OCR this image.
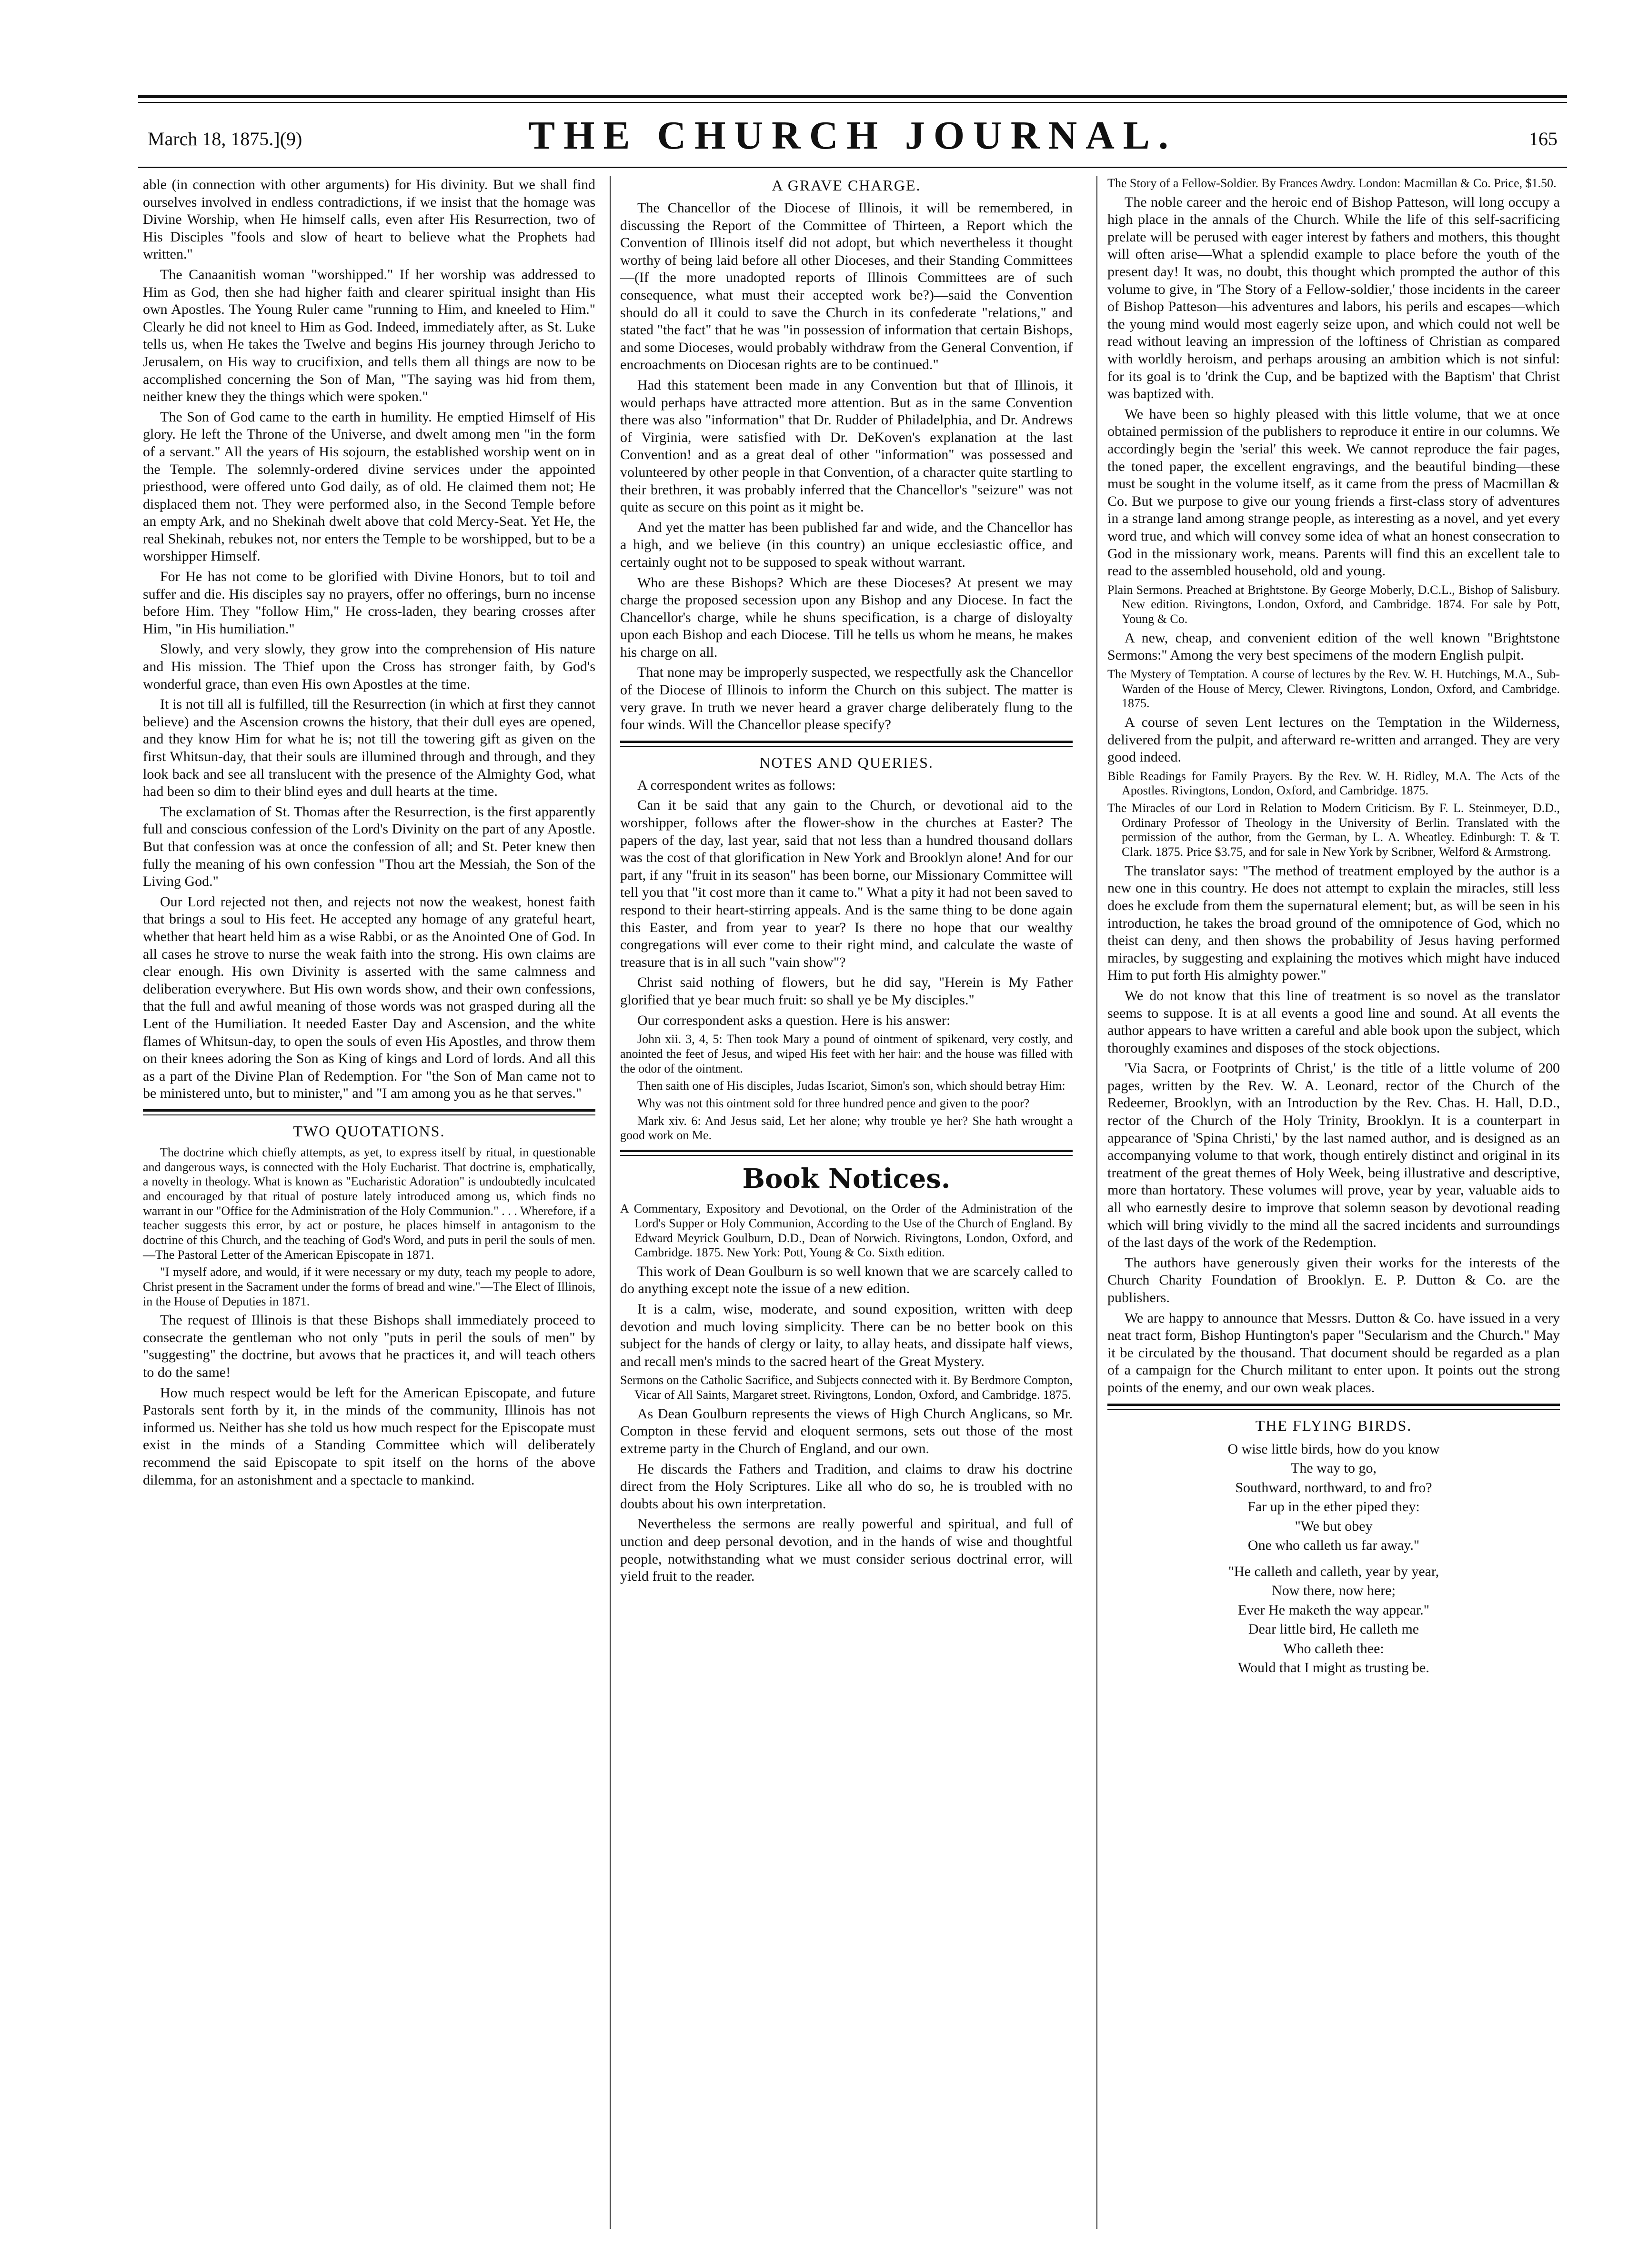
March 18, 1875.](9)	THE CHURCH JOURNAL.	165

able (in connection with other arguments) for His divinity. But we shall find ourselves involved in endless contradictions, if we insist that the homage was Divine Worship, when He himself calls, even after His Resurrection, two of His Disciples "fools and slow of heart to believe what the Prophets had written."

The Canaanitish woman "worshipped." If her worship was addressed to Him as God, then she had higher faith and clearer spiritual insight than His own Apostles. The Young Ruler came "running to Him, and kneeled to Him." Clearly he did not kneel to Him as God. Indeed, immediately after, as St. Luke tells us, when He takes the Twelve and begins His journey through Jericho to Jerusalem, on His way to crucifixion, and tells them all things are now to be accomplished concerning the Son of Man, "The saying was hid from them, neither knew they the things which were spoken."

The Son of God came to the earth in humility. He emptied Himself of His glory. He left the Throne of the Universe, and dwelt among men "in the form of a servant." All the years of His sojourn, the established worship went on in the Temple. The solemnly-ordered divine services under the appointed priesthood, were offered unto God daily, as of old. He claimed them not; He displaced them not. They were performed also, in the Second Temple before an empty Ark, and no Shekinah dwelt above that cold Mercy-Seat. Yet He, the real Shekinah, rebukes not, nor enters the Temple to be worshipped, but to be a worshipper Himself.

For He has not come to be glorified with Divine Honors, but to toil and suffer and die. His disciples say no prayers, offer no offerings, burn no incense before Him. They "follow Him," He cross-laden, they bearing crosses after Him, "in His humiliation."

Slowly, and very slowly, they grow into the comprehension of His nature and His mission. The Thief upon the Cross has stronger faith, by God's wonderful grace, than even His own Apostles at the time.

It is not till all is fulfilled, till the Resurrection (in which at first they cannot believe) and the Ascension crowns the history, that their dull eyes are opened, and they know Him for what he is; not till the towering gift as given on the first Whitsun-day, that their souls are illumined through and through, and they look back and see all translucent with the presence of the Almighty God, what had been so dim to their blind eyes and dull hearts at the time.

The exclamation of St. Thomas after the Resurrection, is the first apparently full and conscious confession of the Lord's Divinity on the part of any Apostle. But that confession was at once the confession of all; and St. Peter knew then fully the meaning of his own confession "Thou art the Messiah, the Son of the Living God."

Our Lord rejected not then, and rejects not now the weakest, honest faith that brings a soul to His feet. He accepted any homage of any grateful heart, whether that heart held him as a wise Rabbi, or as the Anointed One of God. In all cases he strove to nurse the weak faith into the strong. His own claims are clear enough. His own Divinity is asserted with the same calmness and deliberation everywhere. But His own words show, and their own confessions, that the full and awful meaning of those words was not grasped during all the Lent of the Humiliation. It needed Easter Day and Ascension, and the white flames of Whitsun-day, to open the souls of even His Apostles, and throw them on their knees adoring the Son as King of kings and Lord of lords. And all this as a part of the Divine Plan of Redemption. For "the Son of Man came not to be ministered unto, but to minister," and "I am among you as he that serves."

TWO QUOTATIONS.

The doctrine which chiefly attempts, as yet, to express itself by ritual, in questionable and dangerous ways, is connected with the Holy Eucharist. That doctrine is, emphatically, a novelty in theology. What is known as "Eucharistic Adoration" is undoubtedly inculcated and encouraged by that ritual of posture lately introduced among us, which finds no warrant in our "Office for the Administration of the Holy Communion." . . . Wherefore, if a teacher suggests this error, by act or posture, he places himself in antagonism to the doctrine of this Church, and the teaching of God's Word, and puts in peril the souls of men.—The Pastoral Letter of the American Episcopate in 1871.

"I myself adore, and would, if it were necessary or my duty, teach my people to adore, Christ present in the Sacrament under the forms of bread and wine."—The Elect of Illinois, in the House of Deputies in 1871.

The request of Illinois is that these Bishops shall immediately proceed to consecrate the gentleman who not only "puts in peril the souls of men" by "suggesting" the doctrine, but avows that he practices it, and will teach others to do the same!

How much respect would be left for the American Episcopate, and future Pastorals sent forth by it, in the minds of the community, Illinois has not informed us. Neither has she told us how much respect for the Episcopate must exist in the minds of a Standing Committee which will deliberately recommend the said Episcopate to spit itself on the horns of the above dilemma, for an astonishment and a spectacle to mankind.

A GRAVE CHARGE.

The Chancellor of the Diocese of Illinois, it will be remembered, in discussing the Report of the Committee of Thirteen, a Report which the Convention of Illinois itself did not adopt, but which nevertheless it thought worthy of being laid before all other Dioceses, and their Standing Committees—(If the more unadopted reports of Illinois Committees are of such consequence, what must their accepted work be?)—said the Convention should do all it could to save the Church in its confederate "relations," and stated "the fact" that he was "in possession of information that certain Bishops, and some Dioceses, would probably withdraw from the General Convention, if encroachments on Diocesan rights are to be continued."

Had this statement been made in any Convention but that of Illinois, it would perhaps have attracted more attention. But as in the same Convention there was also "information" that Dr. Rudder of Philadelphia, and Dr. Andrews of Virginia, were satisfied with Dr. DeKoven's explanation at the last Convention! and as a great deal of other "information" was possessed and volunteered by other people in that Convention, of a character quite startling to their brethren, it was probably inferred that the Chancellor's "seizure" was not quite as secure on this point as it might be.

And yet the matter has been published far and wide, and the Chancellor has a high, and we believe (in this country) an unique ecclesiastic office, and certainly ought not to be supposed to speak without warrant.

Who are these Bishops? Which are these Dioceses? At present we may charge the proposed secession upon any Bishop and any Diocese. In fact the Chancellor's charge, while he shuns specification, is a charge of disloyalty upon each Bishop and each Diocese. Till he tells us whom he means, he makes his charge on all.

That none may be improperly suspected, we respectfully ask the Chancellor of the Diocese of Illinois to inform the Church on this subject. The matter is very grave. In truth we never heard a graver charge deliberately flung to the four winds. Will the Chancellor please specify?

NOTES AND QUERIES.

A correspondent writes as follows:

Can it be said that any gain to the Church, or devotional aid to the worshipper, follows after the flower-show in the churches at Easter? The papers of the day, last year, said that not less than a hundred thousand dollars was the cost of that glorification in New York and Brooklyn alone! And for our part, if any "fruit in its season" has been borne, our Missionary Committee will tell you that "it cost more than it came to." What a pity it had not been saved to respond to their heart-stirring appeals. And is the same thing to be done again this Easter, and from year to year? Is there no hope that our wealthy congregations will ever come to their right mind, and calculate the waste of treasure that is in all such "vain show"?

Christ said nothing of flowers, but he did say, "Herein is My Father glorified that ye bear much fruit: so shall ye be My disciples."

Our correspondent asks a question. Here is his answer:

John xii. 3, 4, 5: Then took Mary a pound of ointment of spikenard, very costly, and anointed the feet of Jesus, and wiped His feet with her hair: and the house was filled with the odor of the ointment.

Then saith one of His disciples, Judas Iscariot, Simon's son, which should betray Him:

Why was not this ointment sold for three hundred pence and given to the poor?

Mark xiv. 6: And Jesus said, Let her alone; why trouble ye her? She hath wrought a good work on Me.

Book Notices.

A Commentary, Expository and Devotional, on the Order of the Administration of the Lord's Supper or Holy Communion, According to the Use of the Church of England. By Edward Meyrick Goulburn, D.D., Dean of Norwich. Rivingtons, London, Oxford, and Cambridge. 1875. New York: Pott, Young & Co. Sixth edition.

This work of Dean Goulburn is so well known that we are scarcely called to do anything except note the issue of a new edition.

It is a calm, wise, moderate, and sound exposition, written with deep devotion and much loving simplicity. There can be no better book on this subject for the hands of clergy or laity, to allay heats, and dissipate half views, and recall men's minds to the sacred heart of the Great Mystery.

Sermons on the Catholic Sacrifice, and Subjects connected with it. By Berdmore Compton, Vicar of All Saints, Margaret street. Rivingtons, London, Oxford, and Cambridge. 1875.

As Dean Goulburn represents the views of High Church Anglicans, so Mr. Compton in these fervid and eloquent sermons, sets out those of the most extreme party in the Church of England, and our own.

He discards the Fathers and Tradition, and claims to draw his doctrine direct from the Holy Scriptures. Like all who do so, he is troubled with no doubts about his own interpretation.

Nevertheless the sermons are really powerful and spiritual, and full of unction and deep personal devotion, and in the hands of wise and thoughtful people, notwithstanding what we must consider serious doctrinal error, will yield fruit to the reader.

The Story of a Fellow-Soldier. By Frances Awdry. London: Macmillan & Co. Price, $1.50.

The noble career and the heroic end of Bishop Patteson, will long occupy a high place in the annals of the Church. While the life of this self-sacrificing prelate will be perused with eager interest by fathers and mothers, this thought will often arise—What a splendid example to place before the youth of the present day! It was, no doubt, this thought which prompted the author of this volume to give, in 'The Story of a Fellow-soldier,' those incidents in the career of Bishop Patteson—his adventures and labors, his perils and escapes—which the young mind would most eagerly seize upon, and which could not well be read without leaving an impression of the loftiness of Christian as compared with worldly heroism, and perhaps arousing an ambition which is not sinful: for its goal is to 'drink the Cup, and be baptized with the Baptism' that Christ was baptized with.

We have been so highly pleased with this little volume, that we at once obtained permission of the publishers to reproduce it entire in our columns. We accordingly begin the 'serial' this week. We cannot reproduce the fair pages, the toned paper, the excellent engravings, and the beautiful binding—these must be sought in the volume itself, as it came from the press of Macmillan & Co. But we purpose to give our young friends a first-class story of adventures in a strange land among strange people, as interesting as a novel, and yet every word true, and which will convey some idea of what an honest consecration to God in the missionary work, means. Parents will find this an excellent tale to read to the assembled household, old and young.

Plain Sermons. Preached at Brightstone. By George Moberly, D.C.L., Bishop of Salisbury. New edition. Rivingtons, London, Oxford, and Cambridge. 1874. For sale by Pott, Young & Co.

A new, cheap, and convenient edition of the well known "Brightstone Sermons:" Among the very best specimens of the modern English pulpit.

The Mystery of Temptation. A course of lectures by the Rev. W. H. Hutchings, M.A., Sub-Warden of the House of Mercy, Clewer. Rivingtons, London, Oxford, and Cambridge. 1875.

A course of seven Lent lectures on the Temptation in the Wilderness, delivered from the pulpit, and afterward re-written and arranged. They are very good indeed.

Bible Readings for Family Prayers. By the Rev. W. H. Ridley, M.A. The Acts of the Apostles. Rivingtons, London, Oxford, and Cambridge. 1875.

The Miracles of our Lord in Relation to Modern Criticism. By F. L. Steinmeyer, D.D., Ordinary Professor of Theology in the University of Berlin. Translated with the permission of the author, from the German, by L. A. Wheatley. Edinburgh: T. & T. Clark. 1875. Price $3.75, and for sale in New York by Scribner, Welford & Armstrong.

The translator says: "The method of treatment employed by the author is a new one in this country. He does not attempt to explain the miracles, still less does he exclude from them the supernatural element; but, as will be seen in his introduction, he takes the broad ground of the omnipotence of God, which no theist can deny, and then shows the probability of Jesus having performed miracles, by suggesting and explaining the motives which might have induced Him to put forth His almighty power."

We do not know that this line of treatment is so novel as the translator seems to suppose. It is at all events a good line and sound. At all events the author appears to have written a careful and able book upon the subject, which thoroughly examines and disposes of the stock objections.

'Via Sacra, or Footprints of Christ,' is the title of a little volume of 200 pages, written by the Rev. W. A. Leonard, rector of the Church of the Redeemer, Brooklyn, with an Introduction by the Rev. Chas. H. Hall, D.D., rector of the Church of the Holy Trinity, Brooklyn. It is a counterpart in appearance of 'Spina Christi,' by the last named author, and is designed as an accompanying volume to that work, though entirely distinct and original in its treatment of the great themes of Holy Week, being illustrative and descriptive, more than hortatory. These volumes will prove, year by year, valuable aids to all who earnestly desire to improve that solemn season by devotional reading which will bring vividly to the mind all the sacred incidents and surroundings of the last days of the work of the Redemption.

The authors have generously given their works for the interests of the Church Charity Foundation of Brooklyn. E. P. Dutton & Co. are the publishers.

We are happy to announce that Messrs. Dutton & Co. have issued in a very neat tract form, Bishop Huntington's paper "Secularism and the Church." May it be circulated by the thousand. That document should be regarded as a plan of a campaign for the Church militant to enter upon. It points out the strong points of the enemy, and our own weak places.

THE FLYING BIRDS.
O wise little birds, how do you know
The way to go,
Southward, northward, to and fro?
Far up in the ether piped they:
"We but obey
One who calleth us far away."
"He calleth and calleth, year by year,
Now there, now here;
Ever He maketh the way appear."
Dear little bird, He calleth me
Who calleth thee:
Would that I might as trusting be.
